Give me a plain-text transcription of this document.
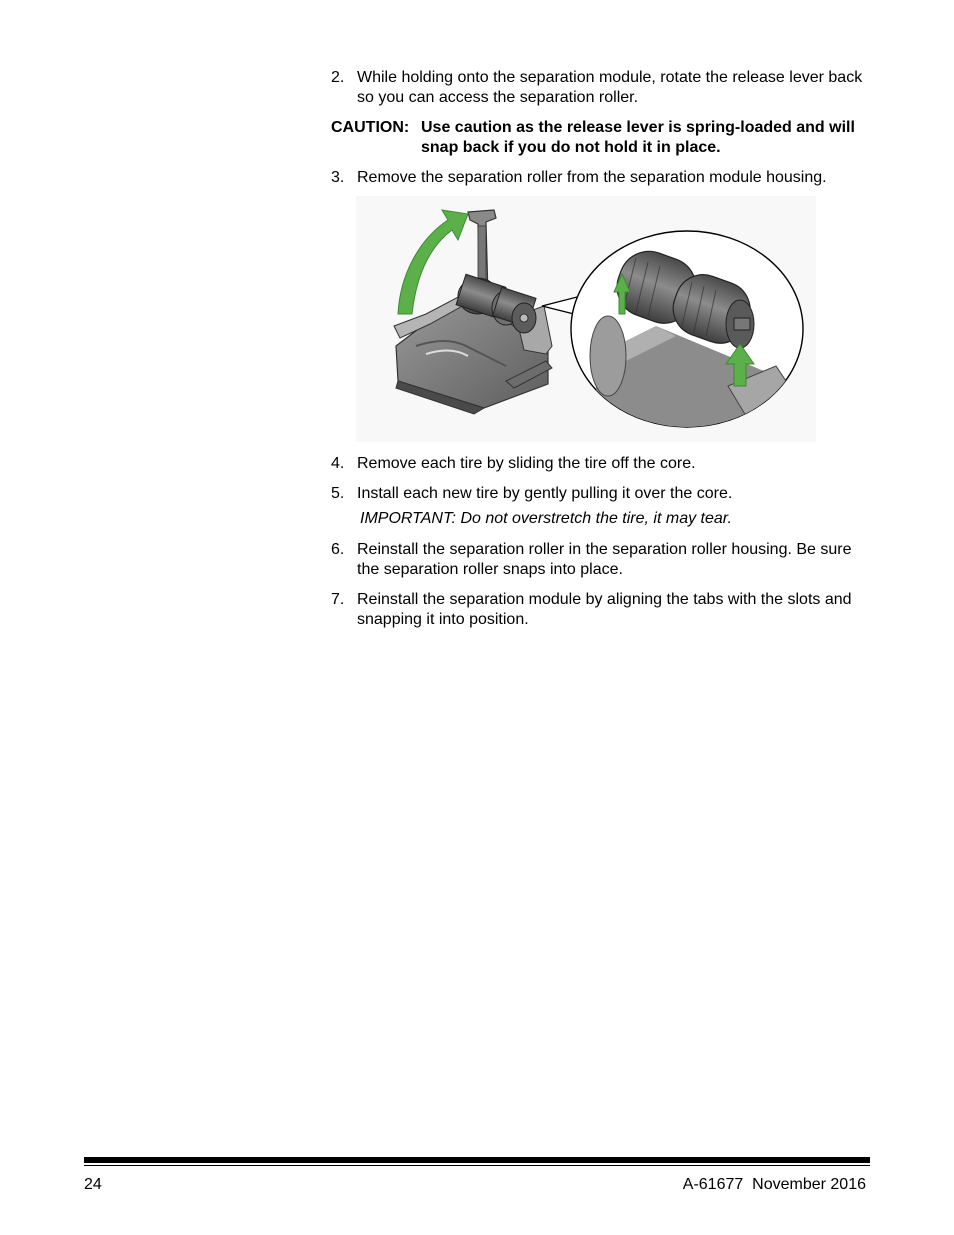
2. While holding onto the separation module, rotate the release lever back so you can access the separation roller.
CAUTION: Use caution as the release lever is spring-loaded and will snap back if you do not hold it in place.
3. Remove the separation roller from the separation module housing.
4. Remove each tire by sliding the tire off the core.
5. Install each new tire by gently pulling it over the core.
IMPORTANT: Do not overstretch the tire, it may tear.
6. Reinstall the separation roller in the separation roller housing. Be sure the separation roller snaps into place.
7. Reinstall the separation module by aligning the tabs with the slots and snapping it into position.
24	A-61677  November 2016
